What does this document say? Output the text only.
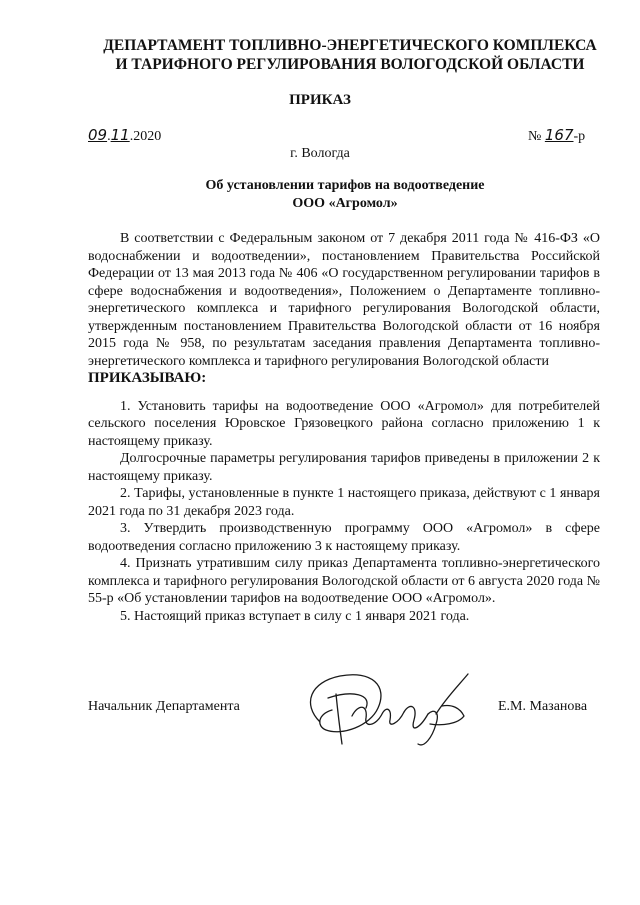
ДЕПАРТАМЕНТ ТОПЛИВНО-ЭНЕРГЕТИЧЕСКОГО КОМПЛЕКСА
И ТАРИФНОГО РЕГУЛИРОВАНИЯ ВОЛОГОДСКОЙ ОБЛАСТИ
ПРИКАЗ
09.11.2020	№ 167-р
г. Вологда
Об установлении тарифов на водоотведение
ООО «Агромол»

В соответствии с Федеральным законом от 7 декабря 2011 года № 416-ФЗ «О водоснабжении и водоотведении», постановлением Правительства Российской Федерации от 13 мая 2013 года № 406 «О государственном регулировании тарифов в сфере водоснабжения и водоотведения», Положением о Департаменте топливно-энергетического комплекса и тарифного регулирования Вологодской области, утвержденным постановлением Правительства Вологодской области от 16 ноября 2015 года № 958, по результатам заседания правления Департамента топливно-энергетического комплекса и тарифного регулирования Вологодской области

ПРИКАЗЫВАЮ:

1. Установить тарифы на водоотведение ООО «Агромол» для потребителей сельского поселения Юровское Грязовецкого района согласно приложению 1 к настоящему приказу.

Долгосрочные параметры регулирования тарифов приведены в приложении 2 к настоящему приказу.

2. Тарифы, установленные в пункте 1 настоящего приказа, действуют с 1 января 2021 года по 31 декабря 2023 года.

3. Утвердить производственную программу ООО «Агромол» в сфере водоотведения согласно приложению 3 к настоящему приказу.

4. Признать утратившим силу приказ Департамента топливно-энергетического комплекса и тарифного регулирования Вологодской области от 6 августа 2020 года № 55-р «Об установлении тарифов на водоотведение ООО «Агромол».

5. Настоящий приказ вступает в силу с 1 января 2021 года.

Начальник Департамента	Е.М. Мазанова
